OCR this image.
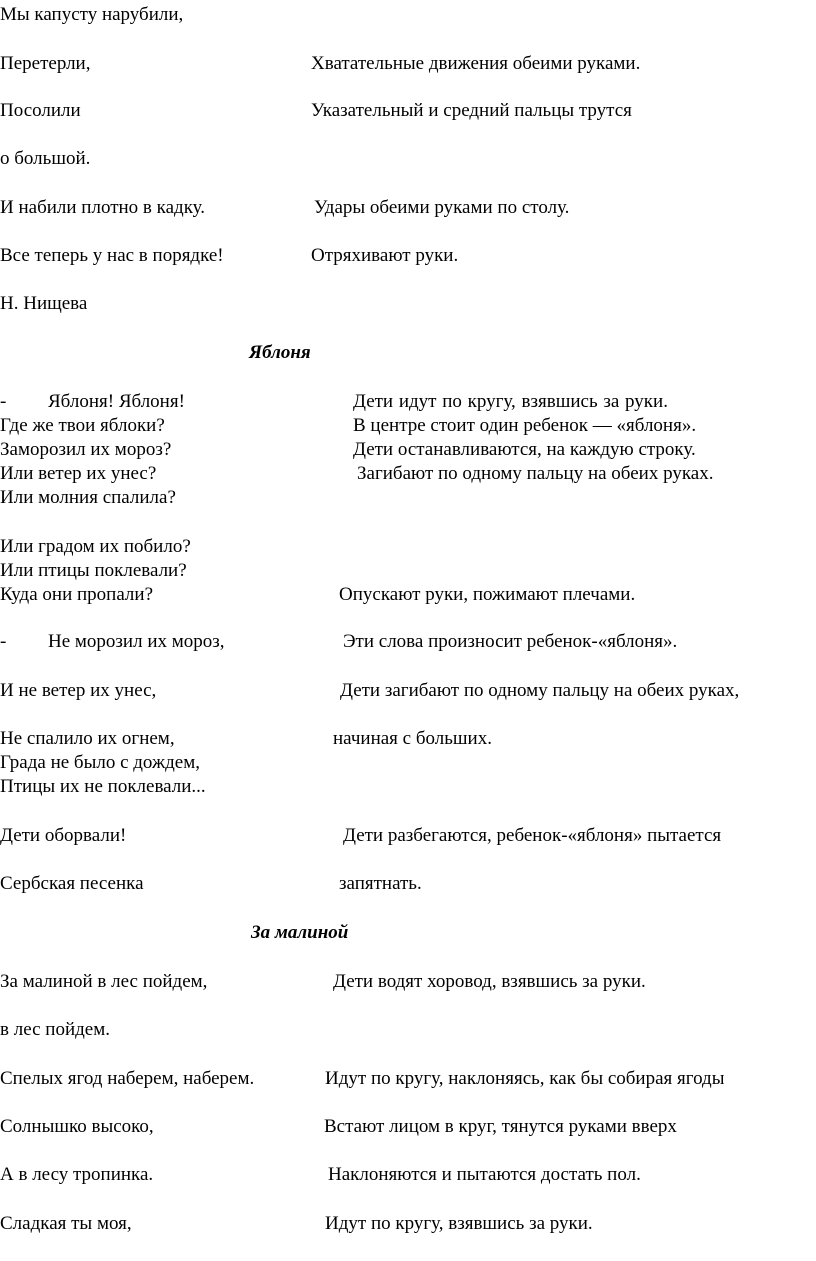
Мы капусту нарубили,
Перетерли,	Хватательные движения обеими руками.
Посолили	Указательный и средний пальцы трутся
о большой.
И набили плотно в кадку.	Удары обеими руками по столу.
Все теперь у нас в порядке!	Отряхивают руки.
Н. Нищева
Яблоня
- Яблоня! Яблоня!	Дети идут по кругу, взявшись за руки.
Где же твои яблоки?	В центре стоит один ребенок — «яблоня».
Заморозил их мороз?	Дети останавливаются, на каждую строку.
Или ветер их унес?	Загибают по одному пальцу на обеих руках.
Или молния спалила?
Или градом их побило?
Или птицы поклевали?
Куда они пропали?	Опускают руки, пожимают плечами.
- Не морозил их мороз,	Эти слова произносит ребенок-«яблоня».
И не ветер их унес,	Дети загибают по одному пальцу на обеих руках,
Не спалило их огнем,	начиная с больших.
Града не было с дождем,
Птицы их не поклевали...
Дети оборвали!	Дети разбегаются, ребенок-«яблоня» пытается
Сербская песенка	запятнать.
За малиной
За малиной в лес пойдем,	Дети водят хоровод, взявшись за руки.
в лес пойдем.
Спелых ягод наберем, наберем.	Идут по кругу, наклоняясь, как бы собирая ягоды
Солнышко высоко,	Встают лицом в круг, тянутся руками вверх
А в лесу тропинка.	Наклоняются и пытаются достать пол.
Сладкая ты моя,	Идут по кругу, взявшись за руки.
